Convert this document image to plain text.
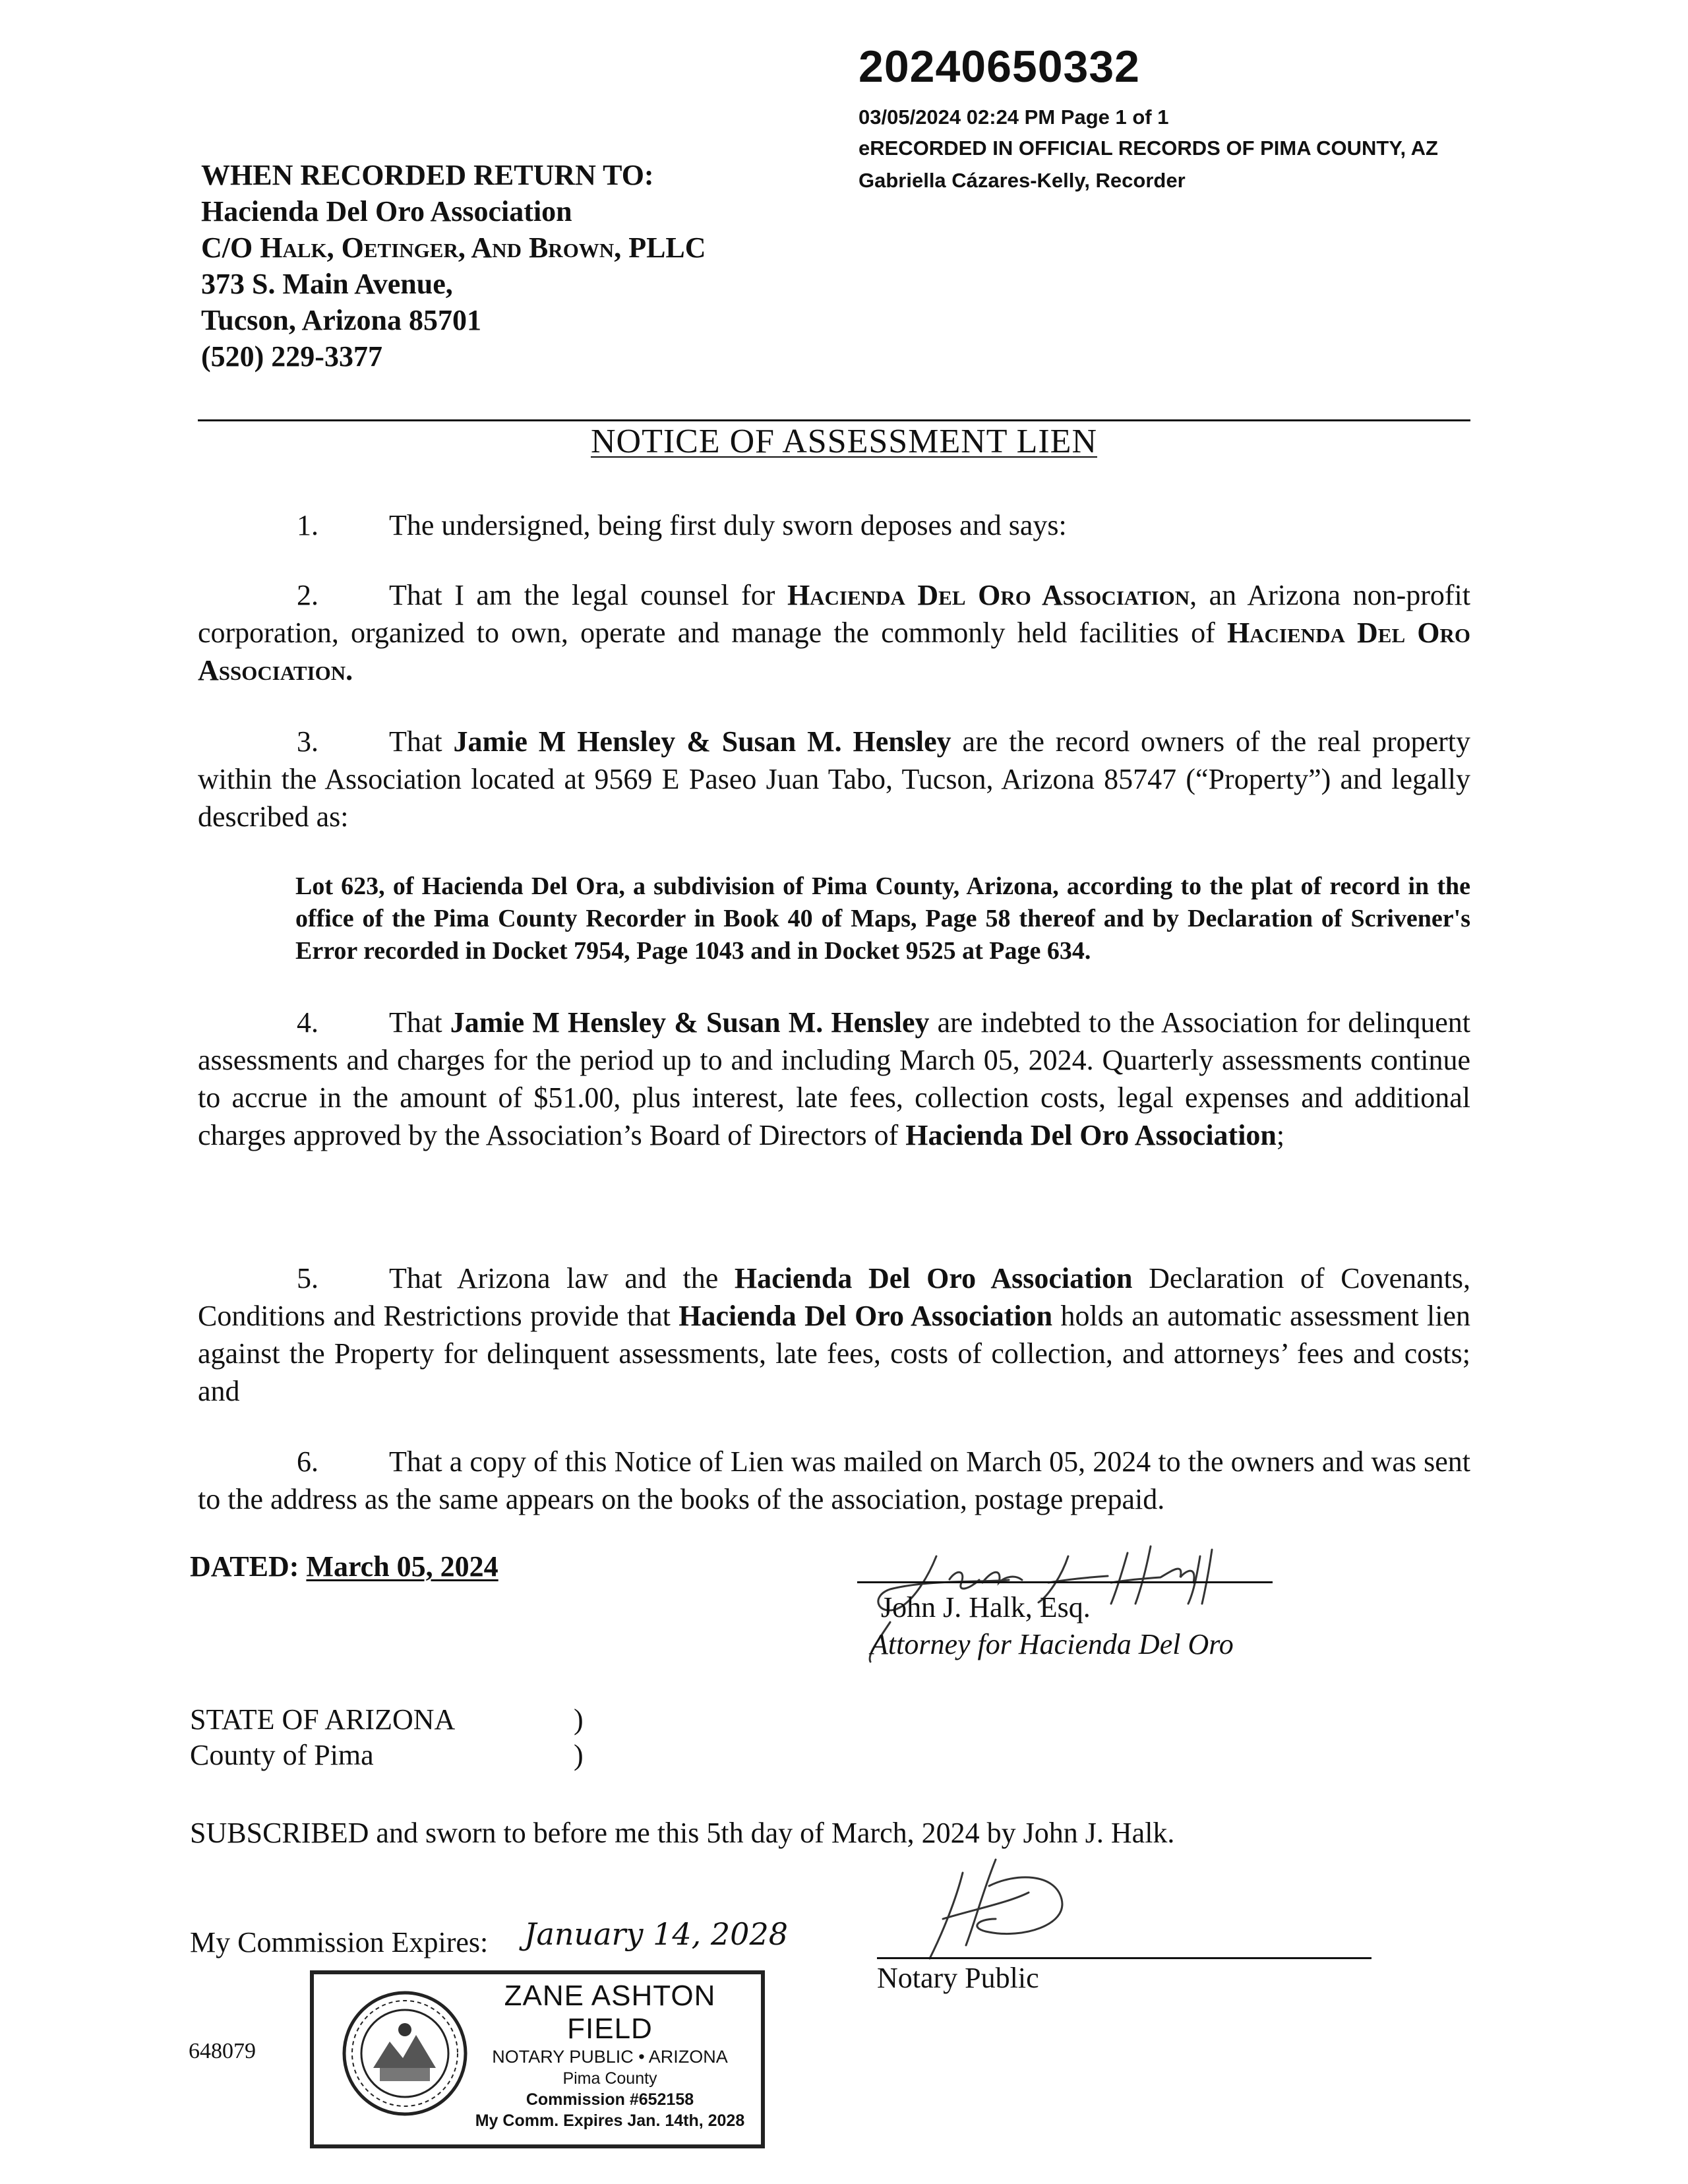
20240650332
03/05/2024 02:24 PM Page 1 of 1
eRECORDED IN OFFICIAL RECORDS OF PIMA COUNTY, AZ
Gabriella Cázares-Kelly, Recorder
WHEN RECORDED RETURN TO:
Hacienda Del Oro Association
C/O Halk, Oetinger, And Brown, PLLC
373 S. Main Avenue,
Tucson, Arizona 85701
(520) 229-3377
NOTICE OF ASSESSMENT LIEN
1. The undersigned, being first duly sworn deposes and says:
2. That I am the legal counsel for Hacienda Del Oro Association, an Arizona non-profit corporation, organized to own, operate and manage the commonly held facilities of Hacienda Del Oro Association.
3. That Jamie M Hensley & Susan M. Hensley are the record owners of the real property within the Association located at 9569 E Paseo Juan Tabo, Tucson, Arizona 85747 (“Property”) and legally described as:
Lot 623, of Hacienda Del Ora, a subdivision of Pima County, Arizona, according to the plat of record in the office of the Pima County Recorder in Book 40 of Maps, Page 58 thereof and by Declaration of Scrivener's Error recorded in Docket 7954, Page 1043 and in Docket 9525 at Page 634.
4. That Jamie M Hensley & Susan M. Hensley are indebted to the Association for delinquent assessments and charges for the period up to and including March 05, 2024. Quarterly assessments continue to accrue in the amount of $51.00, plus interest, late fees, collection costs, legal expenses and additional charges approved by the Association’s Board of Directors of Hacienda Del Oro Association;
5. That Arizona law and the Hacienda Del Oro Association Declaration of Covenants, Conditions and Restrictions provide that Hacienda Del Oro Association holds an automatic assessment lien against the Property for delinquent assessments, late fees, costs of collection, and attorneys’ fees and costs; and
6. That a copy of this Notice of Lien was mailed on March 05, 2024 to the owners and was sent to the address as the same appears on the books of the association, postage prepaid.
DATED: March 05, 2024
John J. Halk, Esq.
Attorney for Hacienda Del Oro
STATE OF ARIZONA	)
County of Pima	)
SUBSCRIBED and sworn to before me this 5th day of March, 2024 by John J. Halk.
My Commission Expires: January 14, 2028
Notary Public
648079
ZANE ASHTON FIELD
NOTARY PUBLIC • ARIZONA
Pima County
Commission #652158
My Comm. Expires Jan. 14th, 2028
